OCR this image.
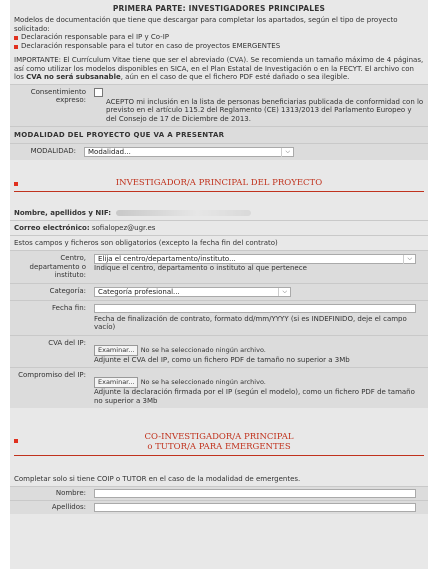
PRIMERA PARTE: INVESTIGADORES PRINCIPALES

Modelos de documentación que tiene que descargar para completar los apartados, según el tipo de proyecto solicitado:

Declaración responsable para el IP y Co-IP
Declaración responsable para el tutor en caso de proyectos EMERGENTES
IMPORTANTE: El Currículum Vitae tiene que ser el abreviado (CVA). Se recomienda un tamaño máximo de 4 páginas, así como utilizar los modelos disponibles en SICA, en el Plan Estatal de Investigación o en la FECYT. El archivo con los CVA no será subsanable, aún en el caso de que el fichero PDF esté dañado o sea ilegible.
Consentimiento expreso:	ACEPTO mi inclusión en la lista de personas beneficiarias publicada de conformidad con lo previsto en el artículo 115.2 del Reglamento (CE) 1313/2013 del Parlamento Europeo y del Consejo de 17 de Diciembre de 2013.
MODALIDAD DEL PROYECTO QUE VA A PRESENTAR
MODALIDAD:	Modalidad...	⌵
INVESTIGADOR/A PRINCIPAL DEL PROYECTO
Nombre, apellidos y NIF:
Correo electrónico: sofialopez@ugr.es
Estos campos y ficheros son obligatorios (excepto la fecha fin del contrato)
Centro, departamento o instituto:
Elija el centro/departamento/instituto...	⌵
Indique el centro, departamento o instituto al que pertenece
Categoría:	Categoría profesional...	⌵
Fecha fin:
Fecha de finalización de contrato, formato dd/mm/YYYY (si es INDEFINIDO, deje el campo vacío)
CVA del IP:
Examinar... No se ha seleccionado ningún archivo.
Adjunte el CVA del IP, como un fichero PDF de tamaño no superior a 3Mb
Compromiso del IP:
Examinar... No se ha seleccionado ningún archivo.
Adjunte la declaración firmada por el IP (según el modelo), como un fichero PDF de tamaño no superior a 3Mb
CO-INVESTIGADOR/A PRINCIPAL
o TUTOR/A PARA EMERGENTES
Completar solo si tiene COIP o TUTOR en el caso de la modalidad de emergentes.
Nombre:
Apellidos:
